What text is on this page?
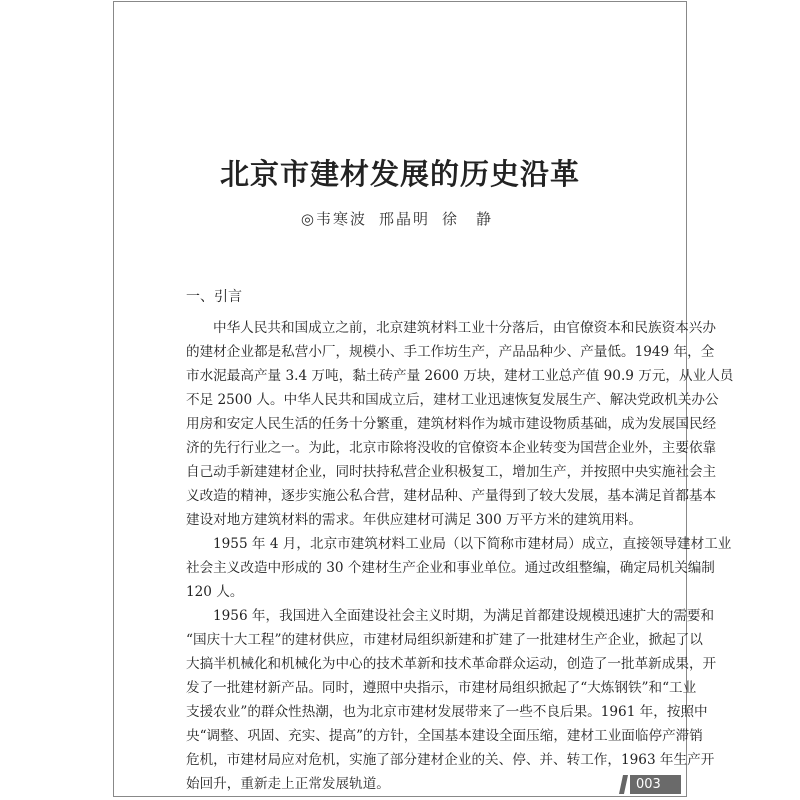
北京市建材发展的历史沿革
◎韦寒波 邢晶明 徐　静
一、引言
中华人民共和国成立之前，北京建筑材料工业十分落后，由官僚资本和民族资本兴办
的建材企业都是私营小厂，规模小、手工作坊生产，产品品种少、产量低。1949 年，全
市水泥最高产量 3.4 万吨，黏土砖产量 2600 万块，建材工业总产值 90.9 万元，从业人员
不足 2500 人。中华人民共和国成立后，建材工业迅速恢复发展生产、解决党政机关办公
用房和安定人民生活的任务十分繁重，建筑材料作为城市建设物质基础，成为发展国民经
济的先行行业之一。为此，北京市除将没收的官僚资本企业转变为国营企业外，主要依靠
自己动手新建建材企业，同时扶持私营企业积极复工，增加生产，并按照中央实施社会主
义改造的精神，逐步实施公私合营，建材品种、产量得到了较大发展，基本满足首都基本
建设对地方建筑材料的需求。年供应建材可满足 300 万平方米的建筑用料。
1955 年 4 月，北京市建筑材料工业局（以下简称市建材局）成立，直接领导建材工业
社会主义改造中形成的 30 个建材生产企业和事业单位。通过改组整编，确定局机关编制
120 人。
1956 年，我国进入全面建设社会主义时期，为满足首都建设规模迅速扩大的需要和
“国庆十大工程”的建材供应，市建材局组织新建和扩建了一批建材生产企业，掀起了以
大搞半机械化和机械化为中心的技术革新和技术革命群众运动，创造了一批革新成果，开
发了一批建材新产品。同时，遵照中央指示，市建材局组织掀起了“大炼钢铁”和“工业
支援农业”的群众性热潮，也为北京市建材发展带来了一些不良后果。1961 年，按照中
央“调整、巩固、充实、提高”的方针，全国基本建设全面压缩，建材工业面临停产滞销
危机，市建材局应对危机，实施了部分建材企业的关、停、并、转工作，1963 年生产开
始回升，重新走上正常发展轨道。	003
